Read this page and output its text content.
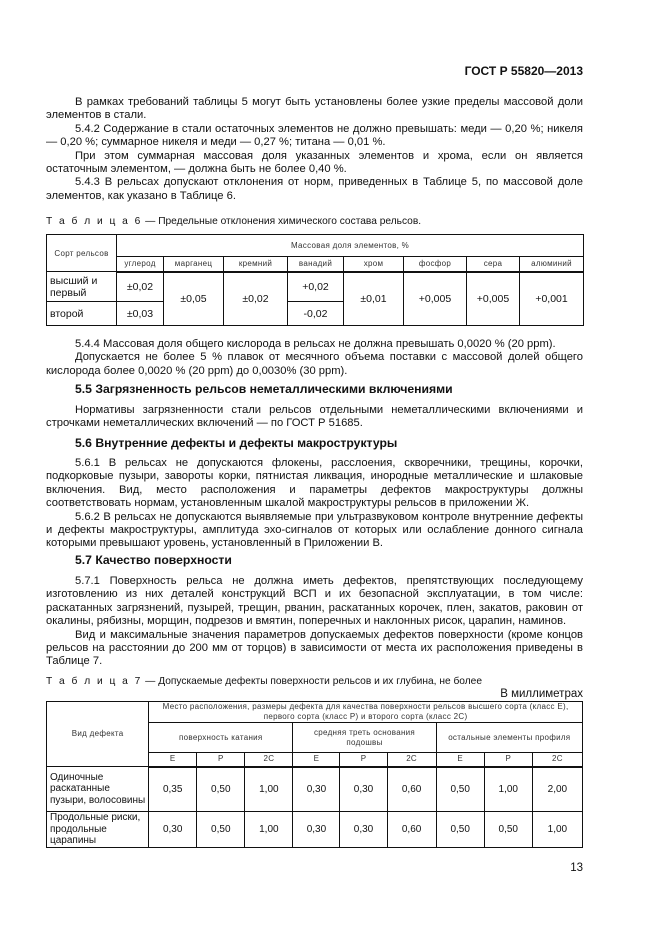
ГОСТ Р 55820—2013

В рамках требований таблицы 5 могут быть установлены более узкие пределы массовой доли элементов в стали.

5.4.2 Содержание в стали остаточных элементов не должно превышать: меди — 0,20 %; никеля — 0,20 %; суммарное никеля и меди — 0,27 %; титана — 0,01 %.

При этом суммарная массовая доля указанных элементов и хрома, если он является остаточным элементом, — должна быть не более 0,40 %.

5.4.3 В рельсах допускают отклонения от норм, приведенных в Таблице 5, по массовой доле элементов, как указано в Таблице 6.

Т а б л и ц а 6 — Предельные отклонения химического состава рельсов.
Сорт рельсов	Массовая доля элементов, %							
	углерод	марганец	кремний	ванадий	хром	фосфор	сера	алюминий
высший и первый	±0,02	±0,05	±0,02	+0,02	±0,01	+0,005	+0,005	+0,001
второй	±0,03			-0,02				

5.4.4 Массовая доля общего кислорода в рельсах не должна превышать 0,0020 % (20 ppm).

Допускается не более 5 % плавок от месячного объема поставки с массовой долей общего кислорода более 0,0020 % (20 ppm) до 0,0030% (30 ppm).

5.5 Загрязненность рельсов неметаллическими включениями

Нормативы загрязненности стали рельсов отдельными неметаллическими включениями и строчками неметаллических включений — по ГОСТ Р 51685.

5.6 Внутренние дефекты и дефекты макроструктуры

5.6.1 В рельсах не допускаются флокены, расслоения, скворечники, трещины, корочки, подкорковые пузыри, завороты корки, пятнистая ликвация, инородные металлические и шлаковые включения. Вид, место расположения и параметры дефектов макроструктуры должны соответствовать нормам, установленным шкалой макроструктуры рельсов в приложении Ж.

5.6.2 В рельсах не допускаются выявляемые при ультразвуковом контроле внутренние дефекты и дефекты макроструктуры, амплитуда эхо-сигналов от которых или ослабление донного сигнала которыми превышают уровень, установленный в Приложении В.

5.7 Качество поверхности

5.7.1 Поверхность рельса не должна иметь дефектов, препятствующих последующему изготовлению из них деталей конструкций ВСП и их безопасной эксплуатации, в том числе: раскатанных загрязнений, пузырей, трещин, рванин, раскатанных корочек, плен, закатов, раковин от окалины, рябизны, морщин, подрезов и вмятин, поперечных и наклонных рисок, царапин, наминов.

Вид и максимальные значения параметров допускаемых дефектов поверхности (кроме концов рельсов на расстоянии до 200 мм от торцов) в зависимости от места их расположения приведены в Таблице 7.

Т а б л и ц а 7 — Допускаемые дефекты поверхности рельсов и их глубина, не более
В миллиметрах
Вид дефекта	Место расположения, размеры дефекта для качества поверхности рельсов высшего сорта (класс Е), первого сорта (класс Р) и второго сорта (класс 2С)								
	поверхность катания			средняя треть основания подошвы			остальные элементы профиля		
	Е	Р	2С	Е	Р	2С	Е	Р	2С
Одиночные раскатанные пузыри, волосовины	0,35	0,50	1,00	0,30	0,30	0,60	0,50	1,00	2,00
Продольные риски, продольные царапины	0,30	0,50	1,00	0,30	0,30	0,60	0,50	0,50	1,00
13
